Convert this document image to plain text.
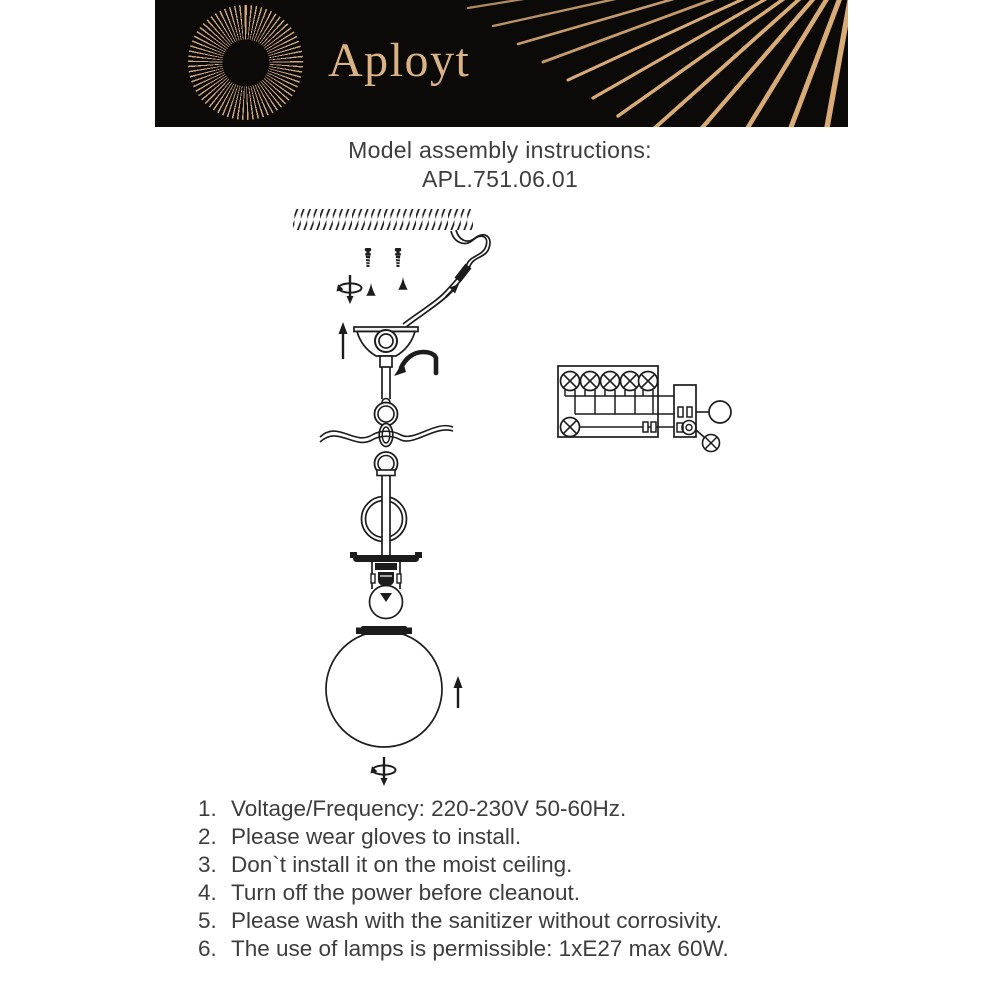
Aployt
Model assembly instructions:
APL.751.06.01
1. Voltage/Frequency: 220-230V 50-60Hz.
2. Please wear gloves to install.
3. Don`t install it on the moist ceiling.
4. Turn off the power before cleanout.
5. Please wash with the sanitizer without corrosivity.
6. The use of lamps is permissible: 1xE27 max 60W.
